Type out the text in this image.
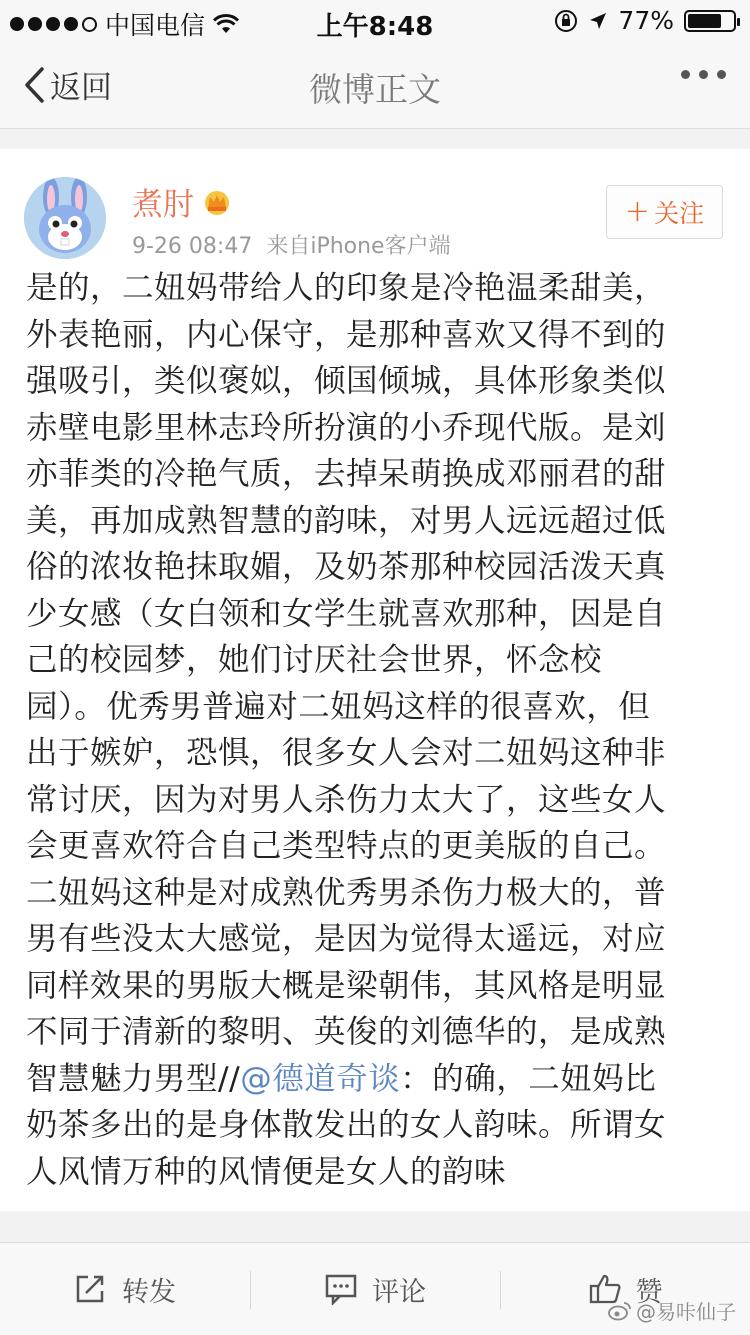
中国电信	上午8:48	77%
返回	微博正文
煮肘
9-26 08:47 来自iPhone客户端
+ 关注
是的，二妞妈带给人的印象是冷艳温柔甜美，
外表艳丽，内心保守，是那种喜欢又得不到的
强吸引，类似褒姒，倾国倾城，具体形象类似
赤壁电影里林志玲所扮演的小乔现代版。是刘
亦菲类的冷艳气质，去掉呆萌换成邓丽君的甜
美，再加成熟智慧的韵味，对男人远远超过低
俗的浓妆艳抹取媚，及奶茶那种校园活泼天真
少女感（女白领和女学生就喜欢那种，因是自
己的校园梦，她们讨厌社会世界，怀念校
园）。优秀男普遍对二妞妈这样的很喜欢，但
出于嫉妒，恐惧，很多女人会对二妞妈这种非
常讨厌，因为对男人杀伤力太大了，这些女人
会更喜欢符合自己类型特点的更美版的自己。
二妞妈这种是对成熟优秀男杀伤力极大的，普
男有些没太大感觉，是因为觉得太遥远，对应
同样效果的男版大概是梁朝伟，其风格是明显
不同于清新的黎明、英俊的刘德华的，是成熟
智慧魅力男型//@德道奇谈：的确，二妞妈比
奶茶多出的是身体散发出的女人韵味。所谓女
人风情万种的风情便是女人的韵味
转发	评论	赞
@易咔仙子
